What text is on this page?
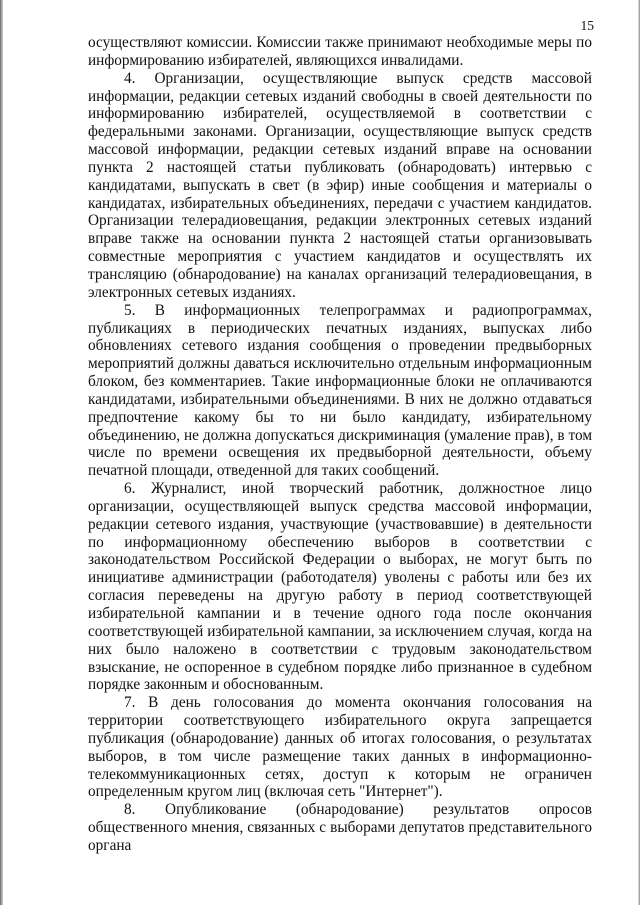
15

осуществляют комиссии. Комиссии также принимают необходимые меры по информированию избирателей, являющихся инвалидами.

4. Организации, осуществляющие выпуск средств массовой информации, редакции сетевых изданий свободны в своей деятельности по информированию избирателей, осуществляемой в соответствии с федеральными законами. Организации, осуществляющие выпуск средств массовой информации, редакции сетевых изданий вправе на основании пункта 2 настоящей статьи публиковать (обнародовать) интервью с кандидатами, выпускать в свет (в эфир) иные сообщения и материалы о кандидатах, избирательных объединениях, передачи с участием кандидатов. Организации телерадиовещания, редакции электронных сетевых изданий вправе также на основании пункта 2 настоящей статьи организовывать совместные мероприятия с участием кандидатов и осуществлять их трансляцию (обнародование) на каналах организаций телерадиовещания, в электронных сетевых изданиях.

5. В информационных телепрограммах и радиопрограммах, публикациях в периодических печатных изданиях, выпусках либо обновлениях сетевого издания сообщения о проведении предвыборных мероприятий должны даваться исключительно отдельным информационным блоком, без комментариев. Такие информационные блоки не оплачиваются кандидатами, избирательными объединениями. В них не должно отдаваться предпочтение какому бы то ни было кандидату, избирательному объединению, не должна допускаться дискриминация (умаление прав), в том числе по времени освещения их предвыборной деятельности, объему печатной площади, отведенной для таких сообщений.

6. Журналист, иной творческий работник, должностное лицо организации, осуществляющей выпуск средства массовой информации, редакции сетевого издания, участвующие (участвовавшие) в деятельности по информационному обеспечению выборов в соответствии с законодательством Российской Федерации о выборах, не могут быть по инициативе администрации (работодателя) уволены с работы или без их согласия переведены на другую работу в период соответствующей избирательной кампании и в течение одного года после окончания соответствующей избирательной кампании, за исключением случая, когда на них было наложено в соответствии с трудовым законодательством взыскание, не оспоренное в судебном порядке либо признанное в судебном порядке законным и обоснованным.

7. В день голосования до момента окончания голосования на территории соответствующего избирательного округа запрещается публикация (обнародование) данных об итогах голосования, о результатах выборов, в том числе размещение таких данных в информационно-телекоммуникационных сетях, доступ к которым не ограничен определенным кругом лиц (включая сеть "Интернет").

8. Опубликование (обнародование) результатов опросов общественного мнения, связанных с выборами депутатов представительного органа
